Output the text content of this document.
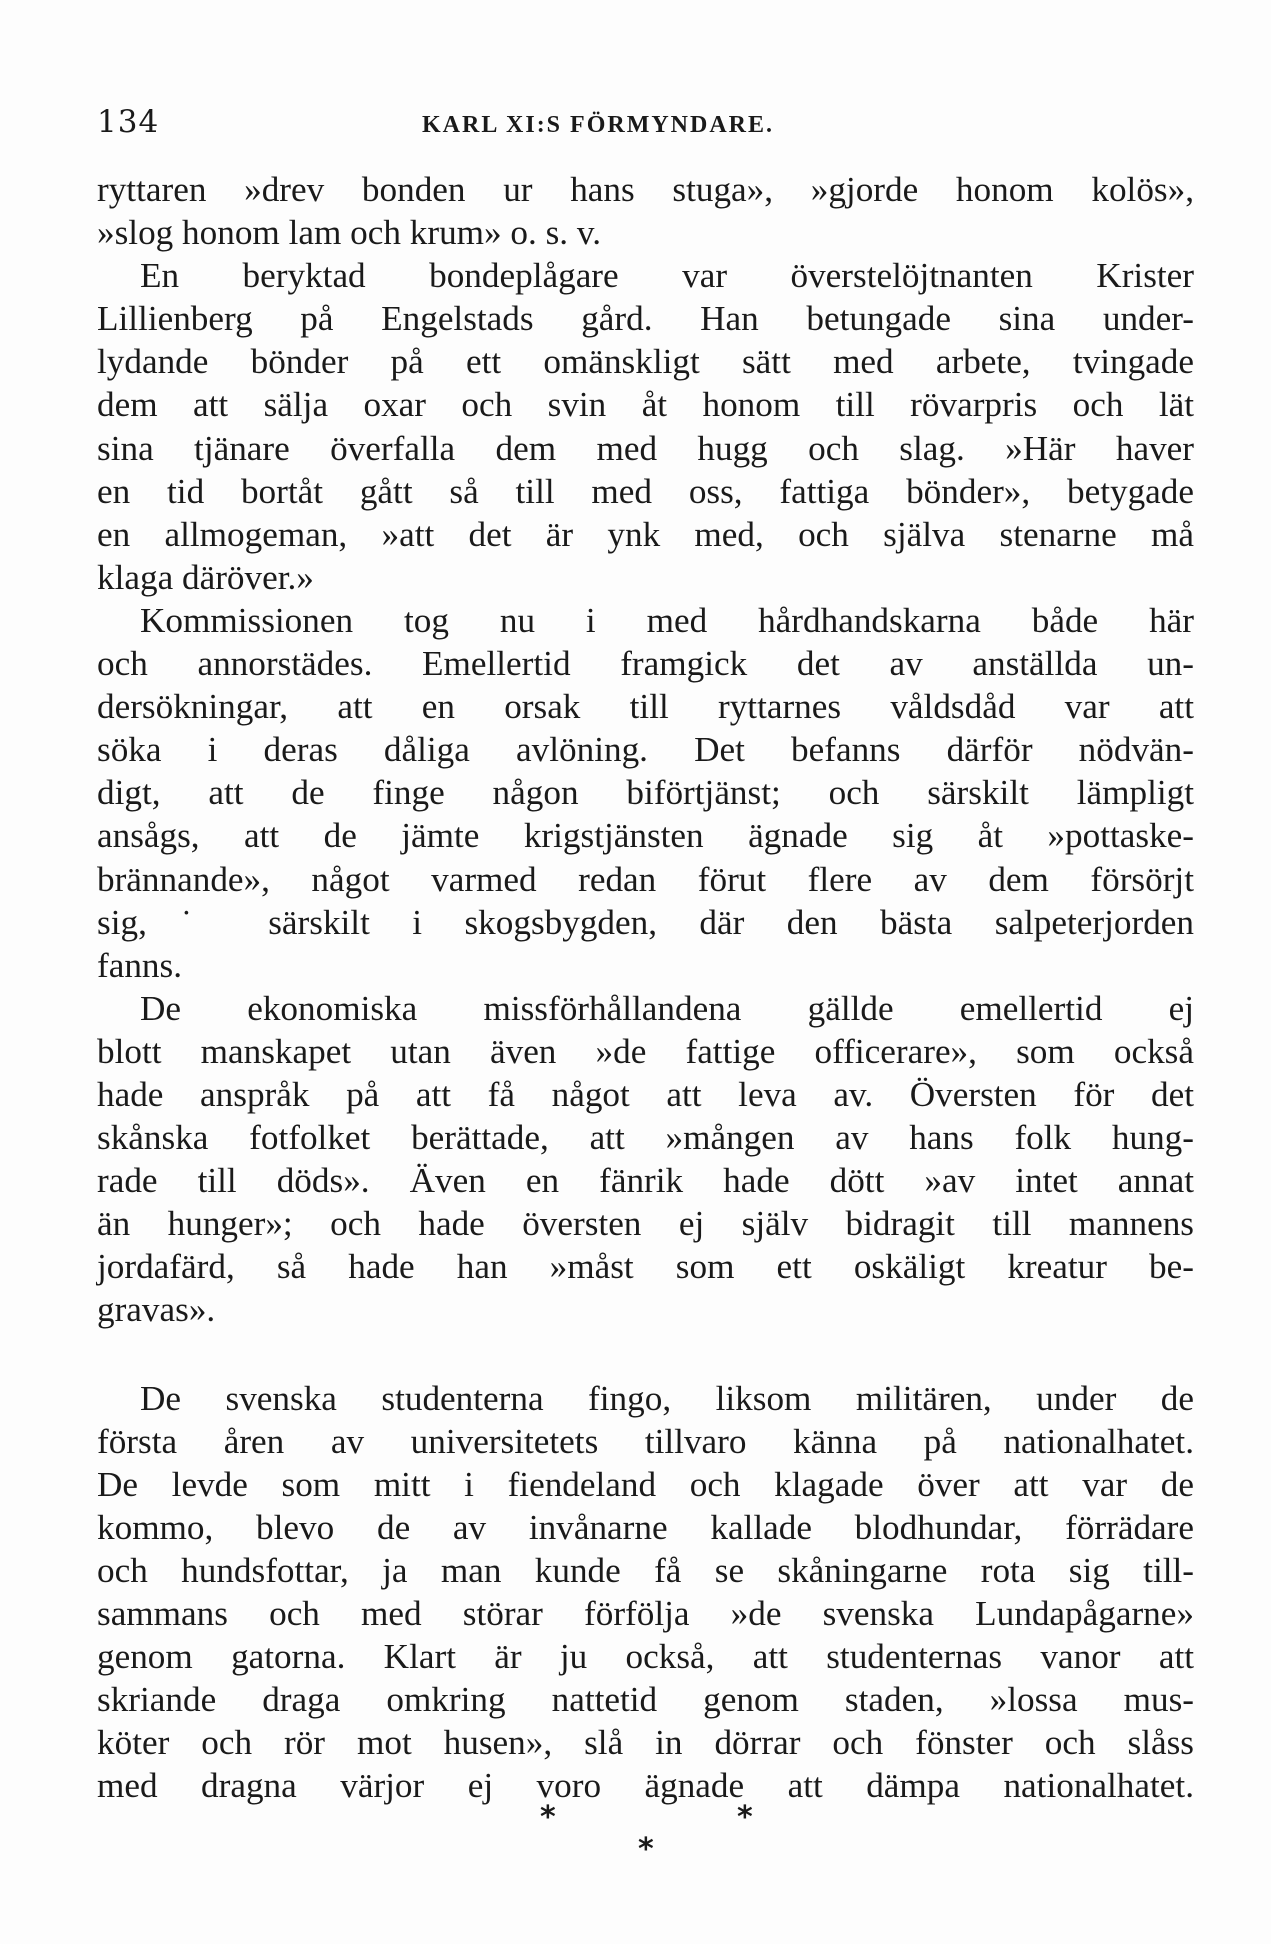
134	KARL XI:S FÖRMYNDARE.
ryttaren »drev bonden ur hans stuga», »gjorde honom kolös»,
»slog honom lam och krum» o. s. v.
En beryktad bondeplågare var överstelöjtnanten Krister
Lillienberg på Engelstads gård. Han betungade sina under-
lydande bönder på ett omänskligt sätt med arbete, tvingade
dem att sälja oxar och svin åt honom till rövarpris och lät
sina tjänare överfalla dem med hugg och slag. »Här haver
en tid bortåt gått så till med oss, fattiga bönder», betygade
en allmogeman, »att det är ynk med, och själva stenarne må
klaga däröver.»
Kommissionen tog nu i med hårdhandskarna både här
och annorstädes. Emellertid framgick det av anställda un-
dersökningar, att en orsak till ryttarnes våldsdåd var att
söka i deras dåliga avlöning. Det befanns därför nödvän-
digt, att de finge någon biförtjänst; och särskilt lämpligt
ansågs, att de jämte krigstjänsten ägnade sig åt »pottaske-
brännande», något varmed redan förut flere av dem försörjt
sig,˙ särskilt i skogsbygden, där den bästa salpeterjorden
fanns.
De ekonomiska missförhållandena gällde emellertid ej
blott manskapet utan även »de fattige officerare», som också
hade anspråk på att få något att leva av. Översten för det
skånska fotfolket berättade, att »mången av hans folk hung-
rade till döds». Även en fänrik hade dött »av intet annat
än hunger»; och hade översten ej själv bidragit till mannens
jordafärd, så hade han »måst som ett oskäligt kreatur be-
gravas».
De svenska studenterna fingo, liksom militären, under de
första åren av universitetets tillvaro känna på nationalhatet.
De levde som mitt i fiendeland och klagade över att var de
kommo, blevo de av invånarne kallade blodhundar, förrädare
och hundsfottar, ja man kunde få se skåningarne rota sig till-
sammans och med störar förfölja »de svenska Lundapågarne»
genom gatorna. Klart är ju också, att studenternas vanor att
skriande draga omkring nattetid genom staden, »lossa mus-
köter och rör mot husen», slå in dörrar och fönster och slåss
med dragna värjor ej voro ägnade att dämpa nationalhatet.
*	*
*
